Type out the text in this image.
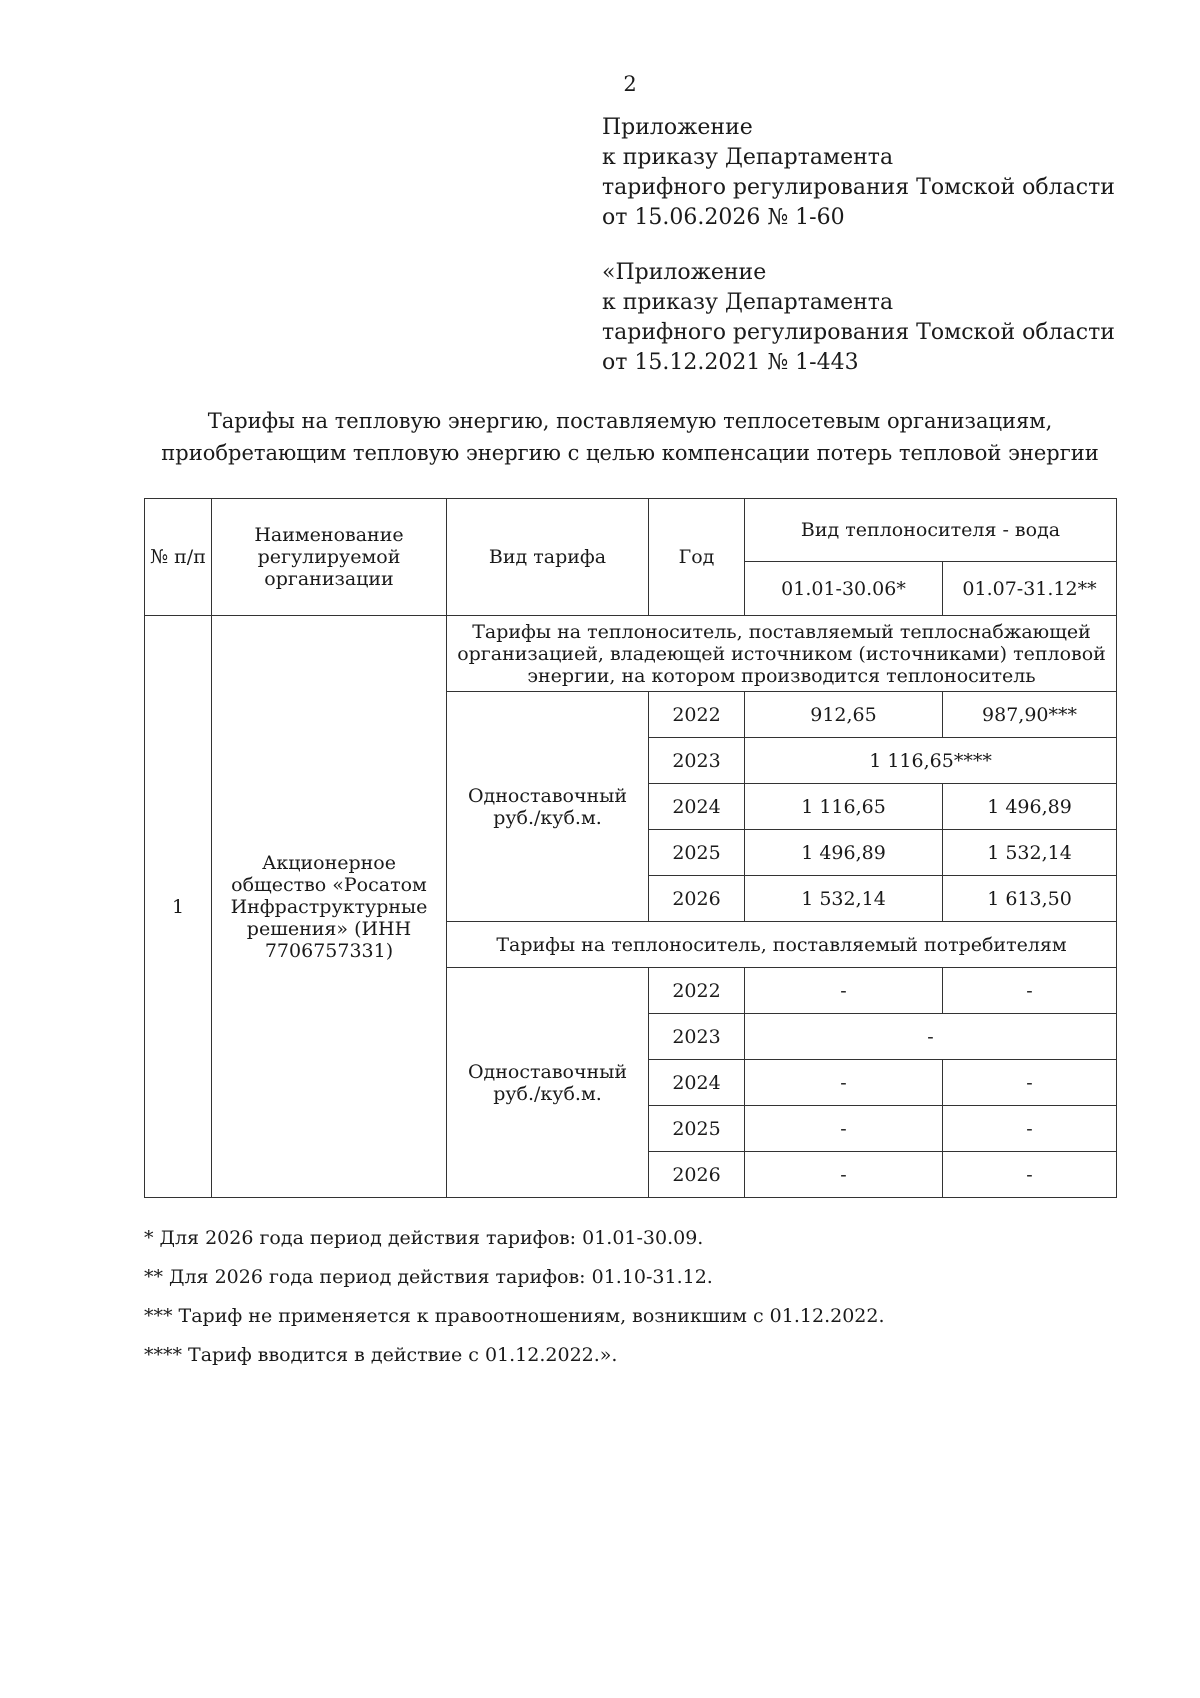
2
Приложение
к приказу Департамента
тарифного регулирования Томской области
от 15.06.2026 № 1-60
«Приложение
к приказу Департамента
тарифного регулирования Томской области
от 15.12.2021 № 1-443
Тарифы на тепловую энергию, поставляемую теплосетевым организациям,
приобретающим тепловую энергию с целью компенсации потерь тепловой энергии
№ п/п	Наименование регулируемой организации	Вид тарифа	Год	Вид теплоносителя - вода	
				01.01-30.06*	01.07-31.12**
1	Акционерное общество «Росатом Инфраструктурные решения» (ИНН 7706757331)	Тарифы на теплоноситель, поставляемый теплоснабжающей организацией, владеющей источником (источниками) тепловой энергии, на котором производится теплоноситель			
		Одноставочный руб./куб.м.	2022	912,65	987,90***
			2023	1 116,65****	
			2024	1 116,65	1 496,89
			2025	1 496,89	1 532,14
			2026	1 532,14	1 613,50
		Тарифы на теплоноситель, поставляемый потребителям			
		Одноставочный руб./куб.м.	2022	-	-
			2023	-	
			2024	-	-
			2025	-	-
			2026	-	-
* Для 2026 года период действия тарифов: 01.01-30.09.
** Для 2026 года период действия тарифов: 01.10-31.12.
*** Тариф не применяется к правоотношениям, возникшим с 01.12.2022.
**** Тариф вводится в действие с 01.12.2022.».
